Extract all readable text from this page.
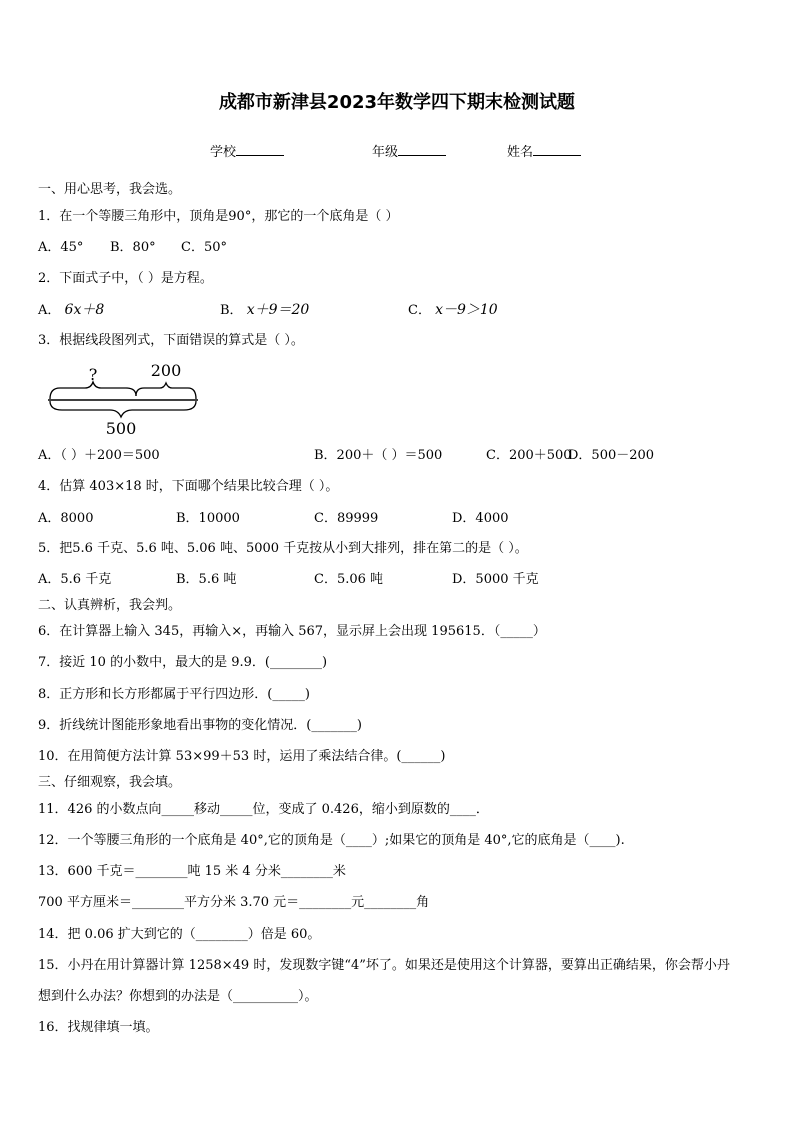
成都市新津县2023年数学四下期末检测试题
学校	年级	姓名
一、用心思考，我会选。
1．在一个等腰三角形中，顶角是90°，那它的一个底角是（ ）
A．45° B．80° C．50°
2．下面式子中，（ ）是方程。
A． 6x＋8	B． x＋9＝20	C． x－9＞10
3．根据线段图列式，下面错误的算式是（ ）。
?	200
500
A．（ ）＋200＝500	B．200＋（ ）＝500	C．200＋500
D．500－200
4．估算 403×18 时，下面哪个结果比较合理（ ）。
A．8000	B．10000	C．89999	D．4000
5．把5.6 千克、5.6 吨、5.06 吨、5000 千克按从小到大排列，排在第二的是（ ）。
A．5.6 千克	B．5.6 吨	C．5.06 吨	D．5000 千克
二、认真辨析，我会判。
6．在计算器上输入 345，再输入×，再输入 567，显示屏上会出现 195615．（_____）
7．接近 10 的小数中，最大的是 9.9．(________)
8．正方形和长方形都属于平行四边形．(_____)
9．折线统计图能形象地看出事物的变化情况．(_______)
10．在用简便方法计算 53×99＋53 时，运用了乘法结合律。(______)
三、仔细观察，我会填。
11．426 的小数点向_____移动_____位，变成了 0.426，缩小到原数的____．
12．一个等腰三角形的一个底角是 40°,它的顶角是（____）;如果它的顶角是 40°,它的底角是（____).
13．600 千克＝________吨 15 米 4 分米________米
700 平方厘米＝________平方分米 3.70 元＝________元________角
14．把 0.06 扩大到它的（________）倍是 60。
15．小丹在用计算器计算 1258×49 时，发现数字键“4”坏了。如果还是使用这个计算器，要算出正确结果，你会帮小丹
想到什么办法？你想到的办法是（__________）。
16．找规律填一填。
